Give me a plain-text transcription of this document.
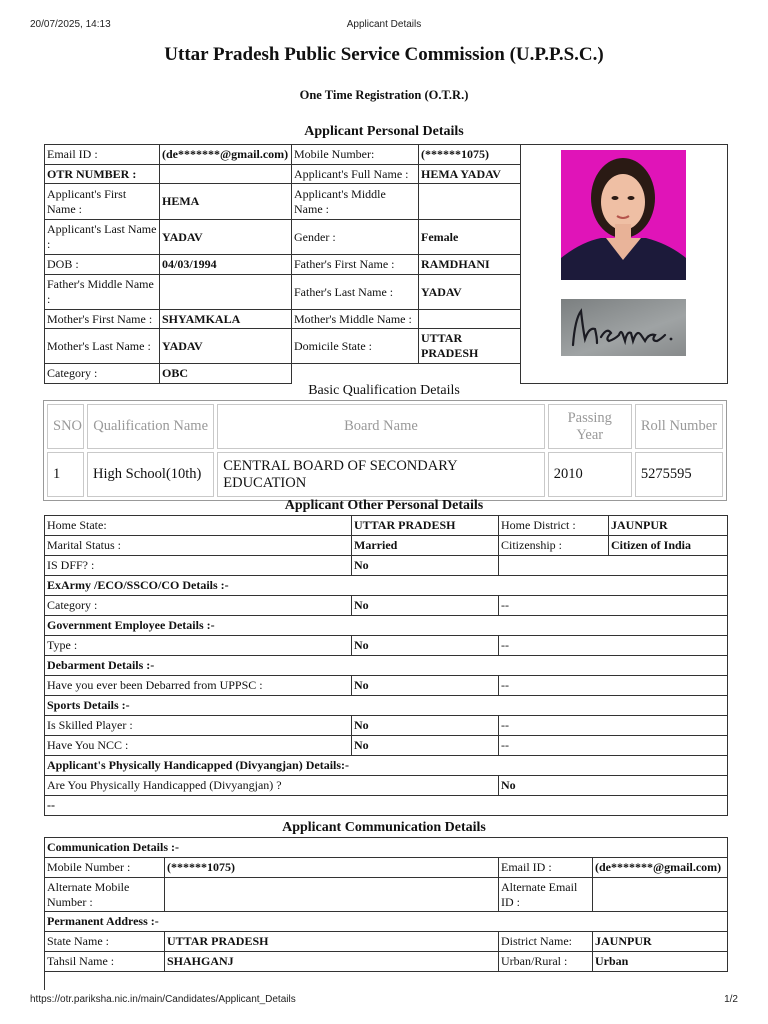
20/07/2025, 14:13	Applicant Details
Uttar Pradesh Public Service Commission (U.P.P.S.C.)
One Time Registration (O.T.R.)
Applicant Personal Details
Email ID :	(de*******@gmail.com)	Mobile Number:	(******1075)	

OTR NUMBER :		Applicant's Full Name :	HEMA YADAV	
Applicant's First Name :	HEMA	Applicant's Middle Name :		
Applicant's Last Name :	YADAV	Gender :	Female	
DOB :	04/03/1994	Father's First Name :	RAMDHANI	
Father's Middle Name :		Father's Last Name :	YADAV	
Mother's First Name :	SHYAMKALA	Mother's Middle Name :		
Mother's Last Name :	YADAV	Domicile State :	UTTAR PRADESH	
Category :	OBC			
Basic Qualification Details
SNO	Qualification Name	Board Name	Passing Year	Roll Number
1	High School(10th)	CENTRAL BOARD OF SECONDARY EDUCATION	2010	5275595
Applicant Other Personal Details
Home State:	UTTAR PRADESH	Home District :	JAUNPUR
Marital Status :	Married	Citizenship :	Citizen of India
IS DFF? :	No		
ExArmy /ECO/SSCO/CO Details :-			
Category :	No	--	
Government Employee Details :-			
Type :	No	--	
Debarment Details :-			
Have you ever been Debarred from UPPSC :	No	--	
Sports Details :-			
Is Skilled Player :	No	--	
Have You NCC :	No	--	
Applicant's Physically Handicapped (Divyangjan) Details:-			
Are You Physically Handicapped (Divyangjan) ?		No	
--			
Applicant Communication Details
Communication Details :-			
Mobile Number :	(******1075)	Email ID :	(de*******@gmail.com)
Alternate Mobile Number :		Alternate Email ID :	
Permanent Address :-			
State Name :	UTTAR PRADESH	District Name:	JAUNPUR
Tahsil Name :	SHAHGANJ	Urban/Rural :	Urban

https://otr.pariksha.nic.in/main/Candidates/Applicant_Details	1/2
